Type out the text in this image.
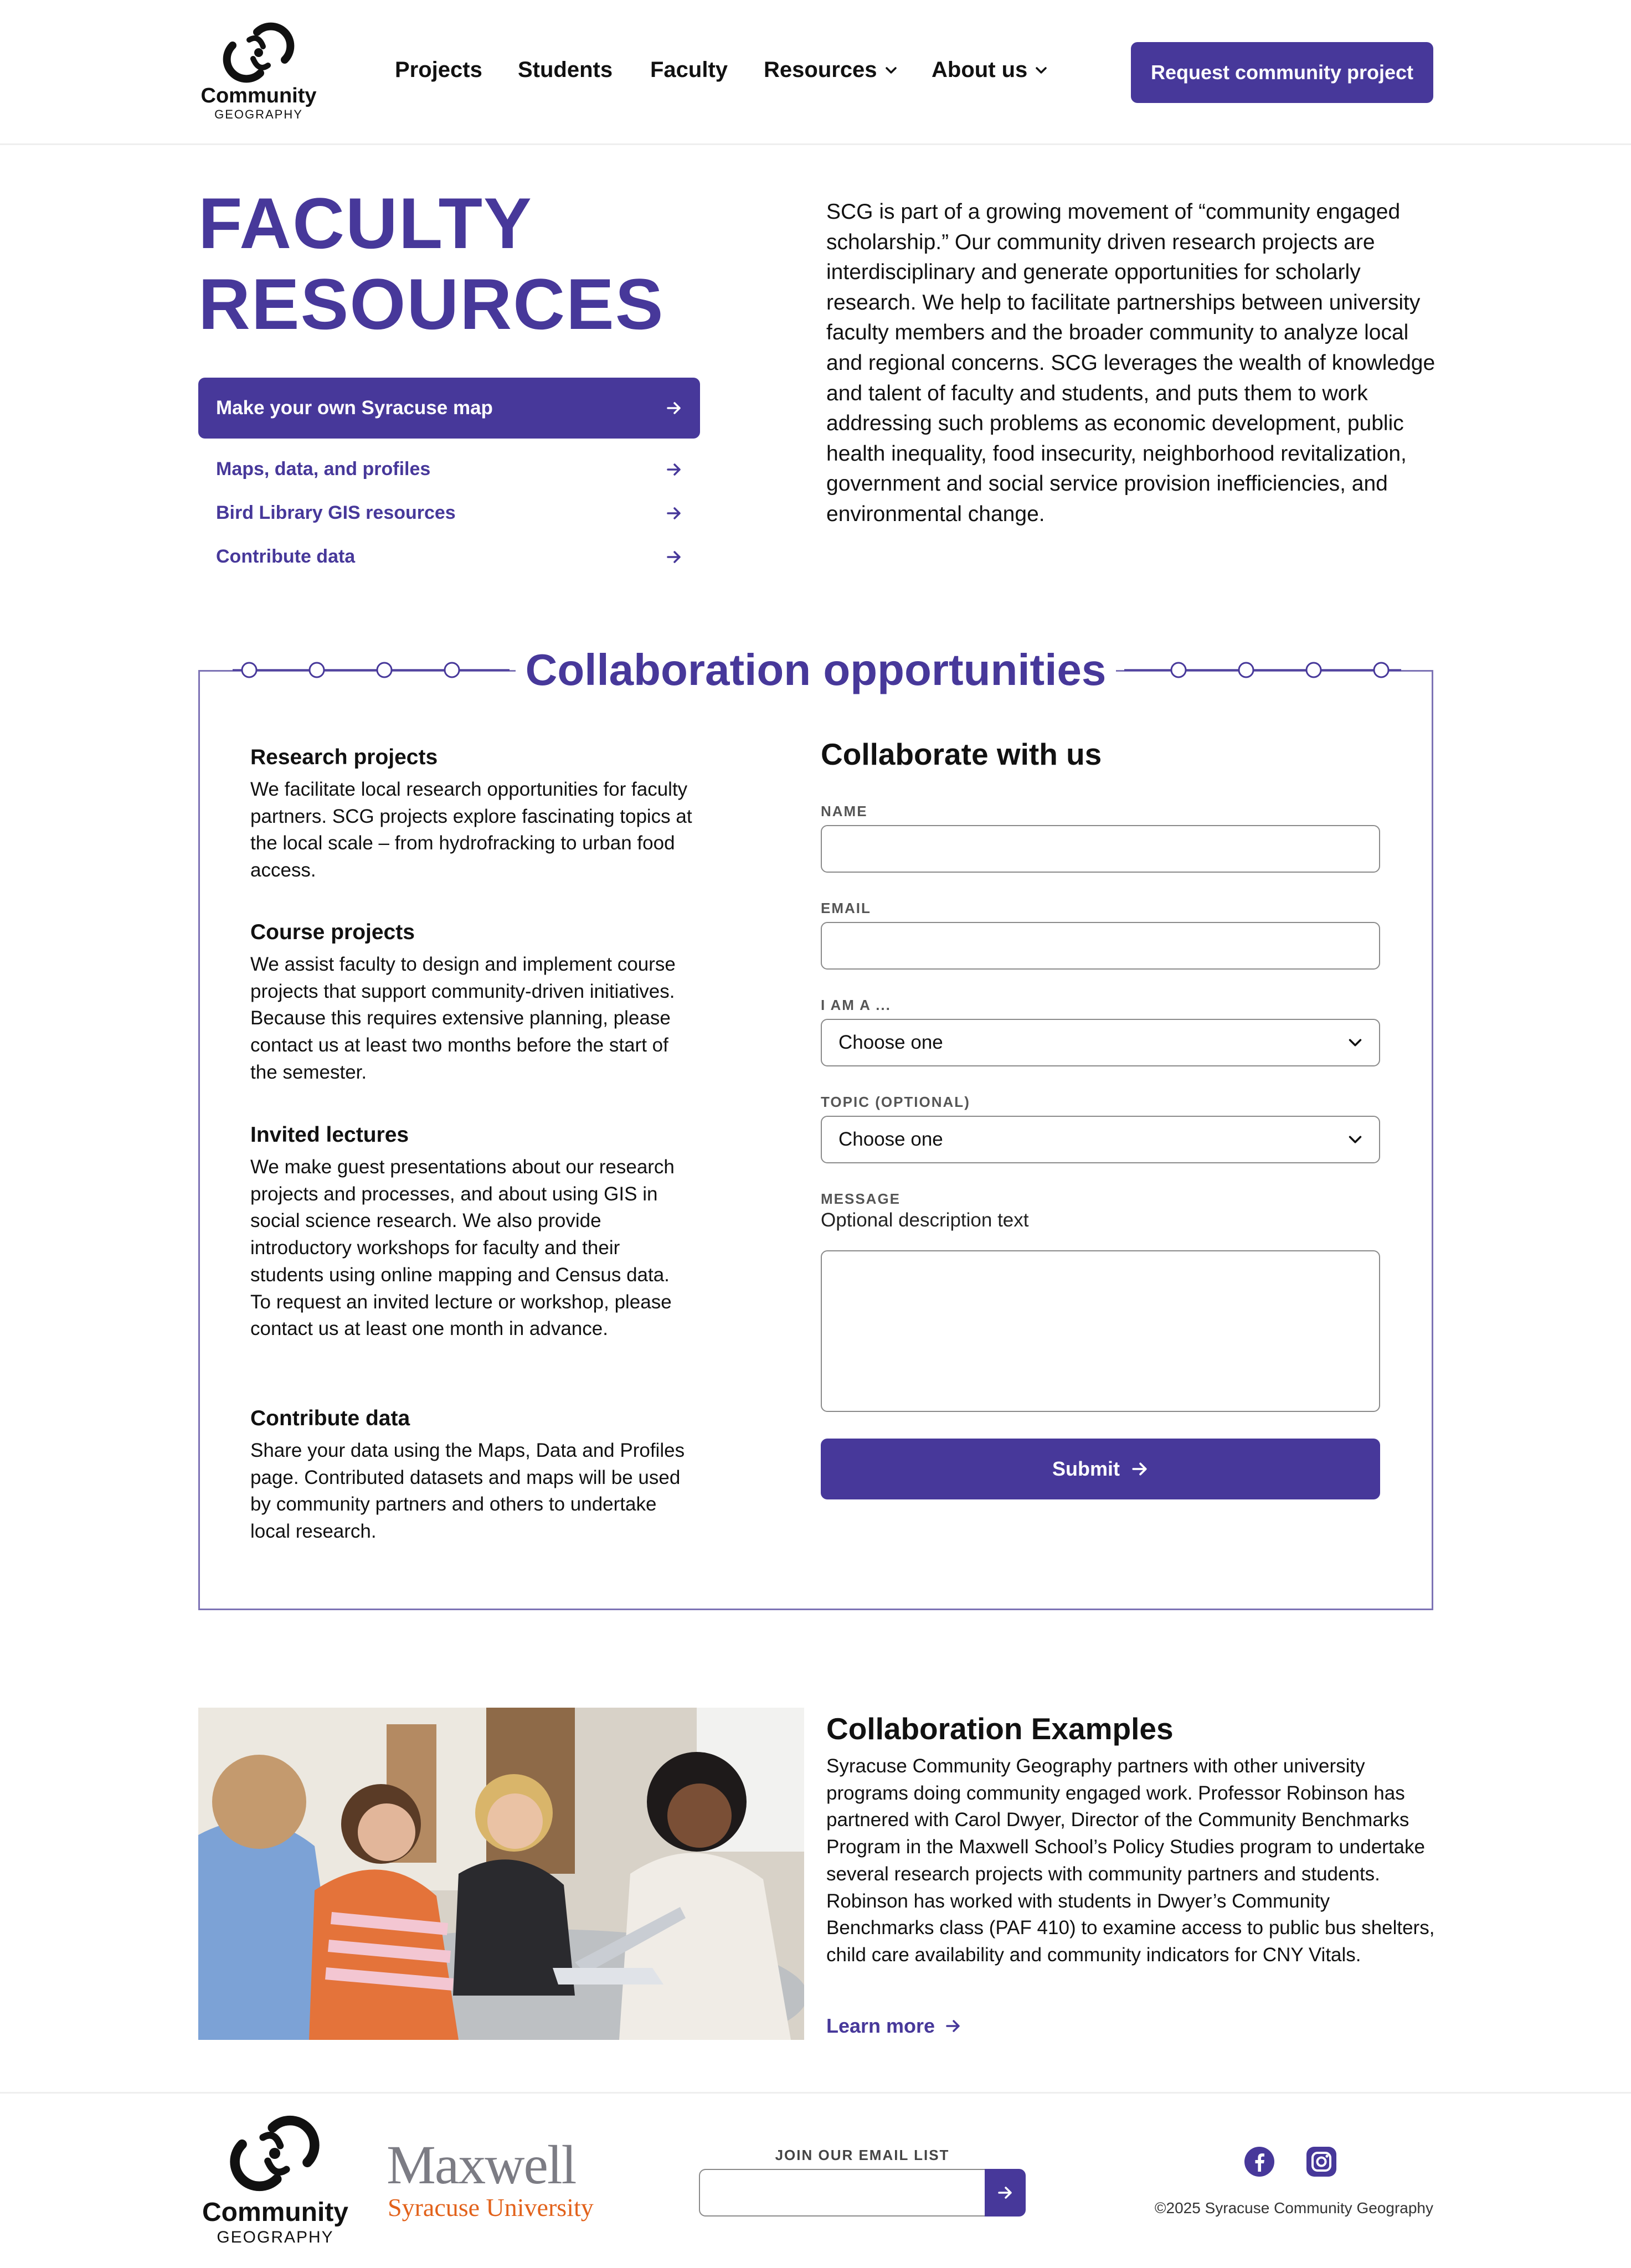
Community
GEOGRAPHY
Projects Students Faculty Resources About us	Request community project
FACULTY
RESOURCES
Make your own Syracuse map
Maps, data, and profiles
Bird Library GIS resources
Contribute data

SCG is part of a growing movement of “community engaged scholarship.” Our community driven research projects are interdisciplinary and generate opportunities for scholarly research. We help to facilitate partnerships between university faculty members and the broader community to analyze local and regional concerns. SCG leverages the wealth of knowledge and talent of faculty and students, and puts them to work addressing such problems as economic development, public health inequality, food insecurity, neighborhood revitalization, government and social service provision inefficiencies, and environmental change.

Collaboration opportunities
Research projects

We facilitate local research opportunities for faculty partners. SCG projects explore fascinating topics at the local scale – from hydrofracking to urban food access.

Course projects

We assist faculty to design and implement course projects that support community-driven initiatives. Because this requires extensive planning, please contact us at least two months before the start of the semester.

Invited lectures

We make guest presentations about our research projects and processes, and about using GIS in social science research. We also provide introductory workshops for faculty and their students using online mapping and Census data. To request an invited lecture or workshop, please contact us at least one month in advance.

Contribute data

Share your data using the Maps, Data and Profiles page. Contributed datasets and maps will be used by community partners and others to undertake local research.

Collaborate with us
NAME
EMAIL
I AM A ...
Choose one
TOPIC (OPTIONAL)
Choose one
MESSAGE
Optional description text
Submit
Collaboration Examples

Syracuse Community Geography partners with other university programs doing community engaged work. Professor Robinson has partnered with Carol Dwyer, Director of the Community Benchmarks Program in the Maxwell School’s Policy Studies program to undertake several research projects with community partners and students. Robinson has worked with students in Dwyer’s Community Benchmarks class (PAF 410) to examine access to public bus shelters, child care availability and community indicators for CNY Vitals.

Learn more
Community
GEOGRAPHY
Maxwell
Syracuse University
JOIN OUR EMAIL LIST
©2025 Syracuse Community Geography
